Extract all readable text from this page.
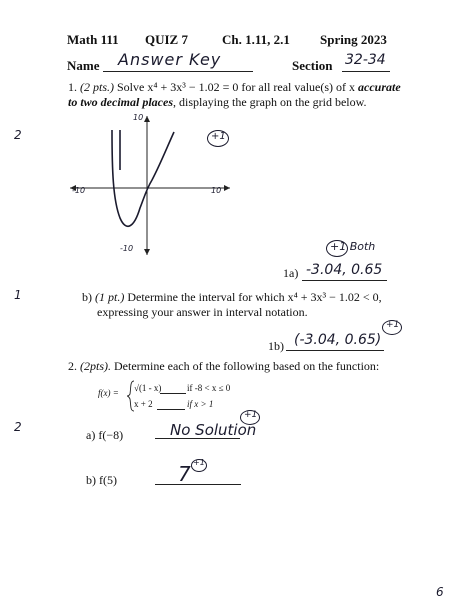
Math 111 QUIZ 7	Ch. 1.11, 2.1 Spring 2023
Name Answer Key	Section 32-34
1. (2 pts.) Solve x⁴ + 3x³ − 1.02 = 0 for all real value(s) of x accurate to two decimal places, displaying the graph on the grid below.
2
10
-10
-10	10
+1
+1 Both
1a) -3.04, 0.65
1	b) (1 pt.) Determine the interval for which x⁴ + 3x³ − 1.02 < 0,
expressing your answer in interval notation.
1b) (-3.04, 0.65)
+1
2. (2pts). Determine each of the following based on the function:
f(x) = √(1 - x)	if -8 < x ≤ 0
x + 2	if x > 1
2
a) f(−8)	No Solution
+1
b) f(5)	7 +1
6
